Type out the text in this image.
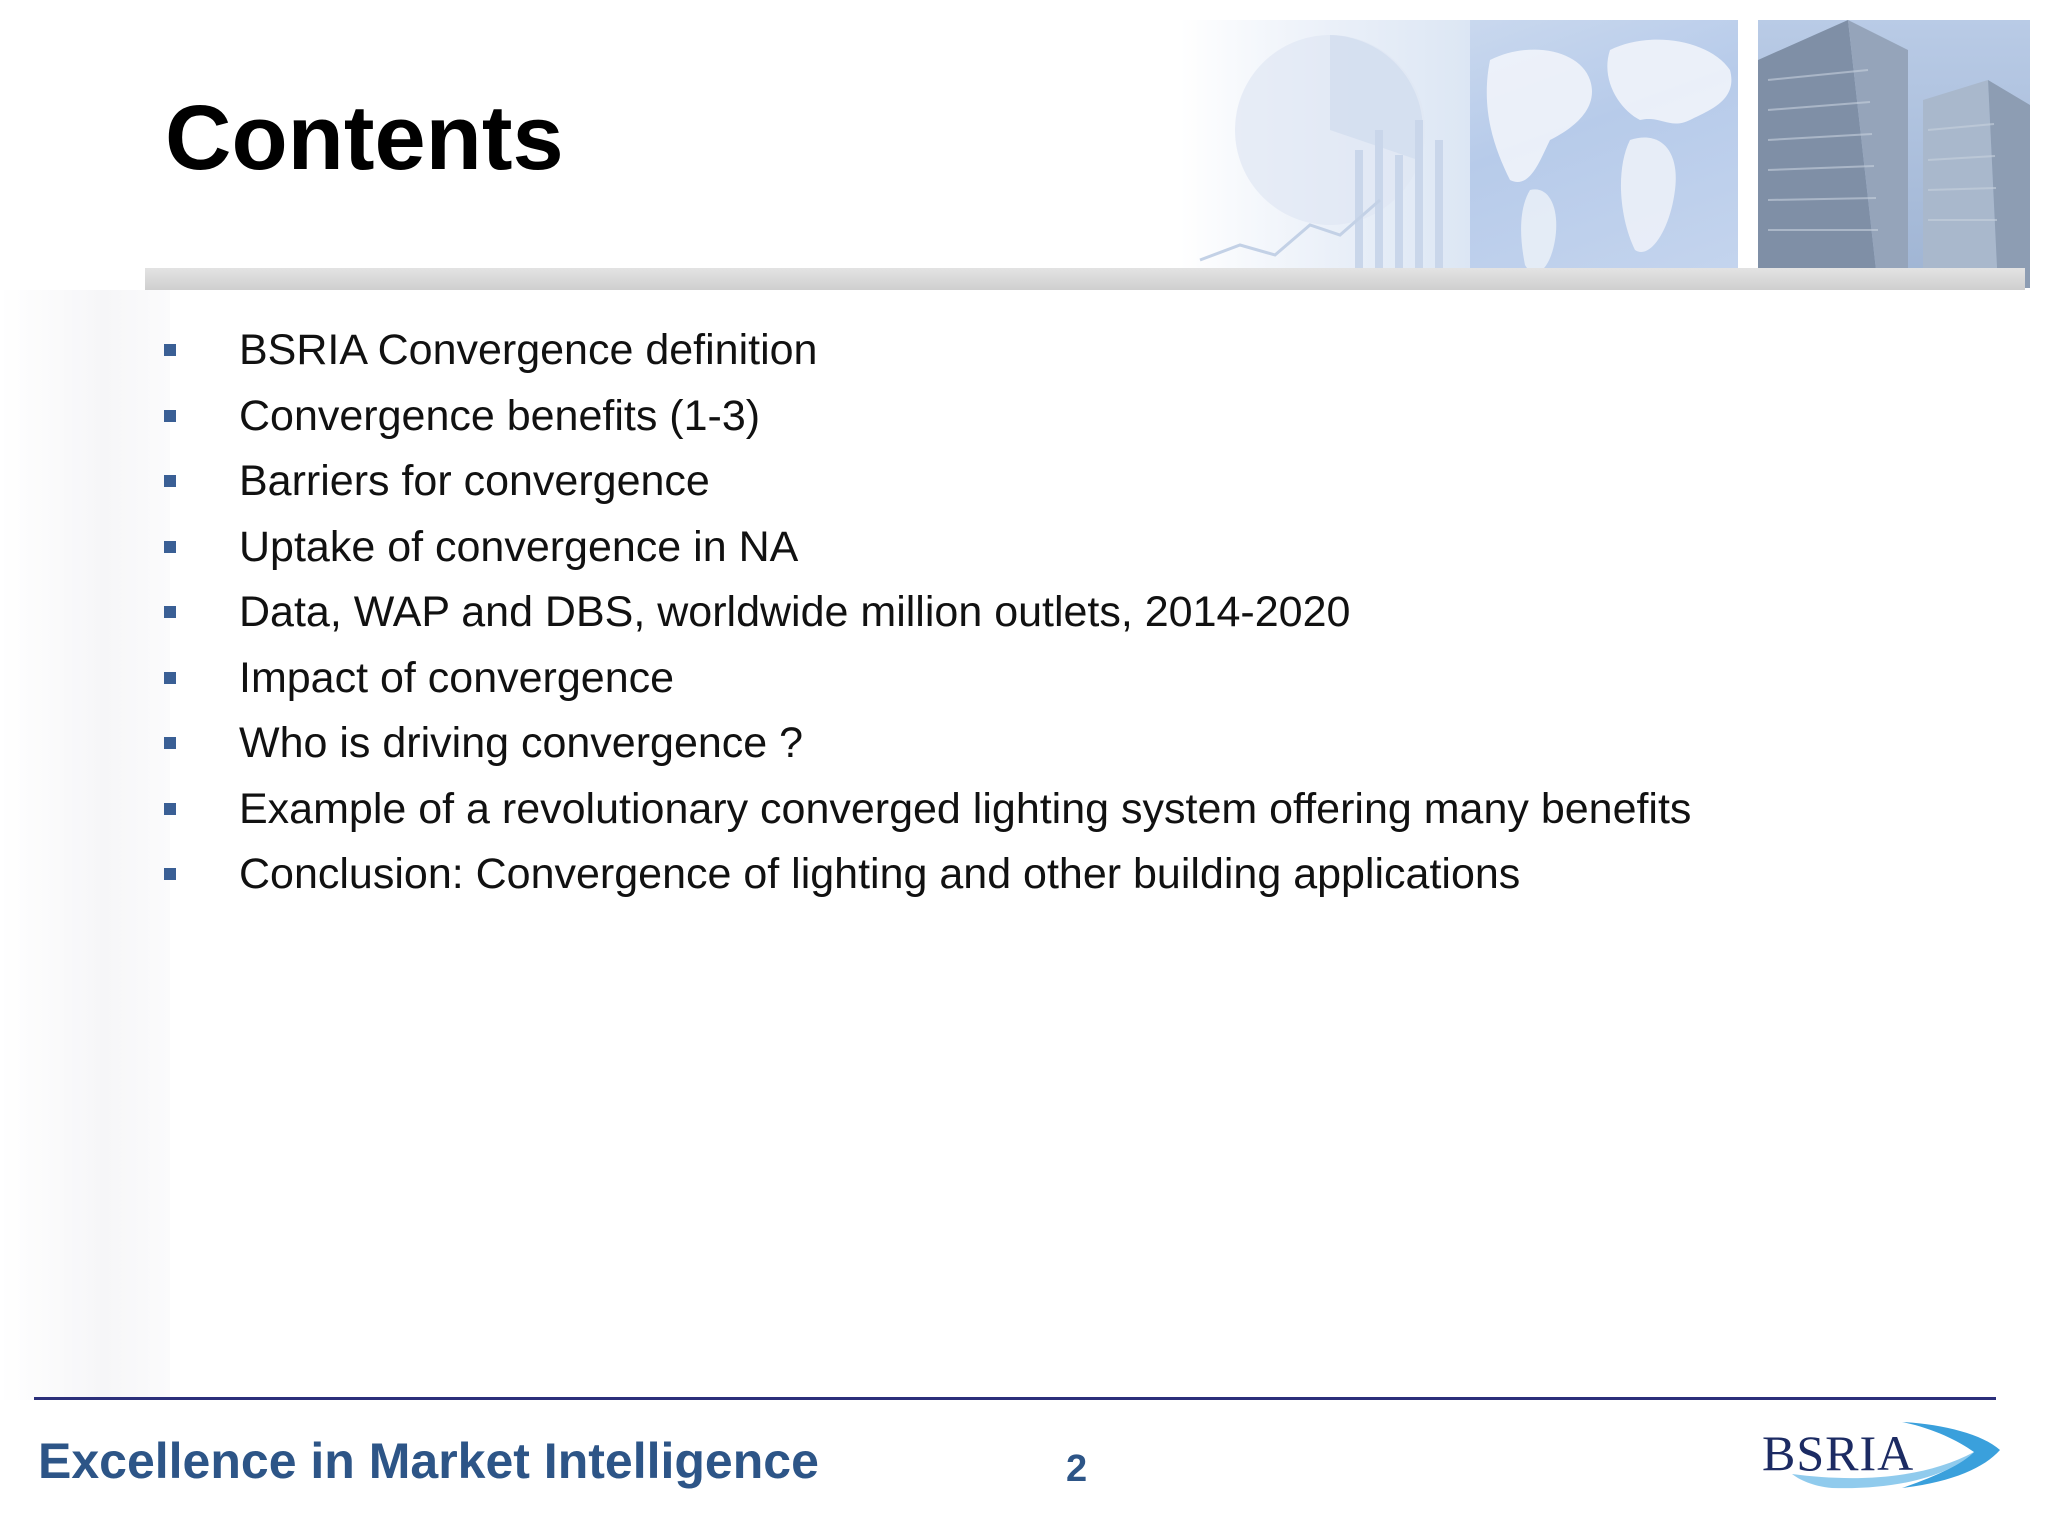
Contents
BSRIA Convergence definition
Convergence benefits (1-3)
Barriers for convergence
Uptake of convergence in NA
Data, WAP and DBS, worldwide million outlets, 2014-2020
Impact of convergence
Who is driving convergence ?
Example of a revolutionary converged lighting system offering many benefits
Conclusion: Convergence of lighting and other building applications

Excellence in Market Intelligence	2	BSRIA
